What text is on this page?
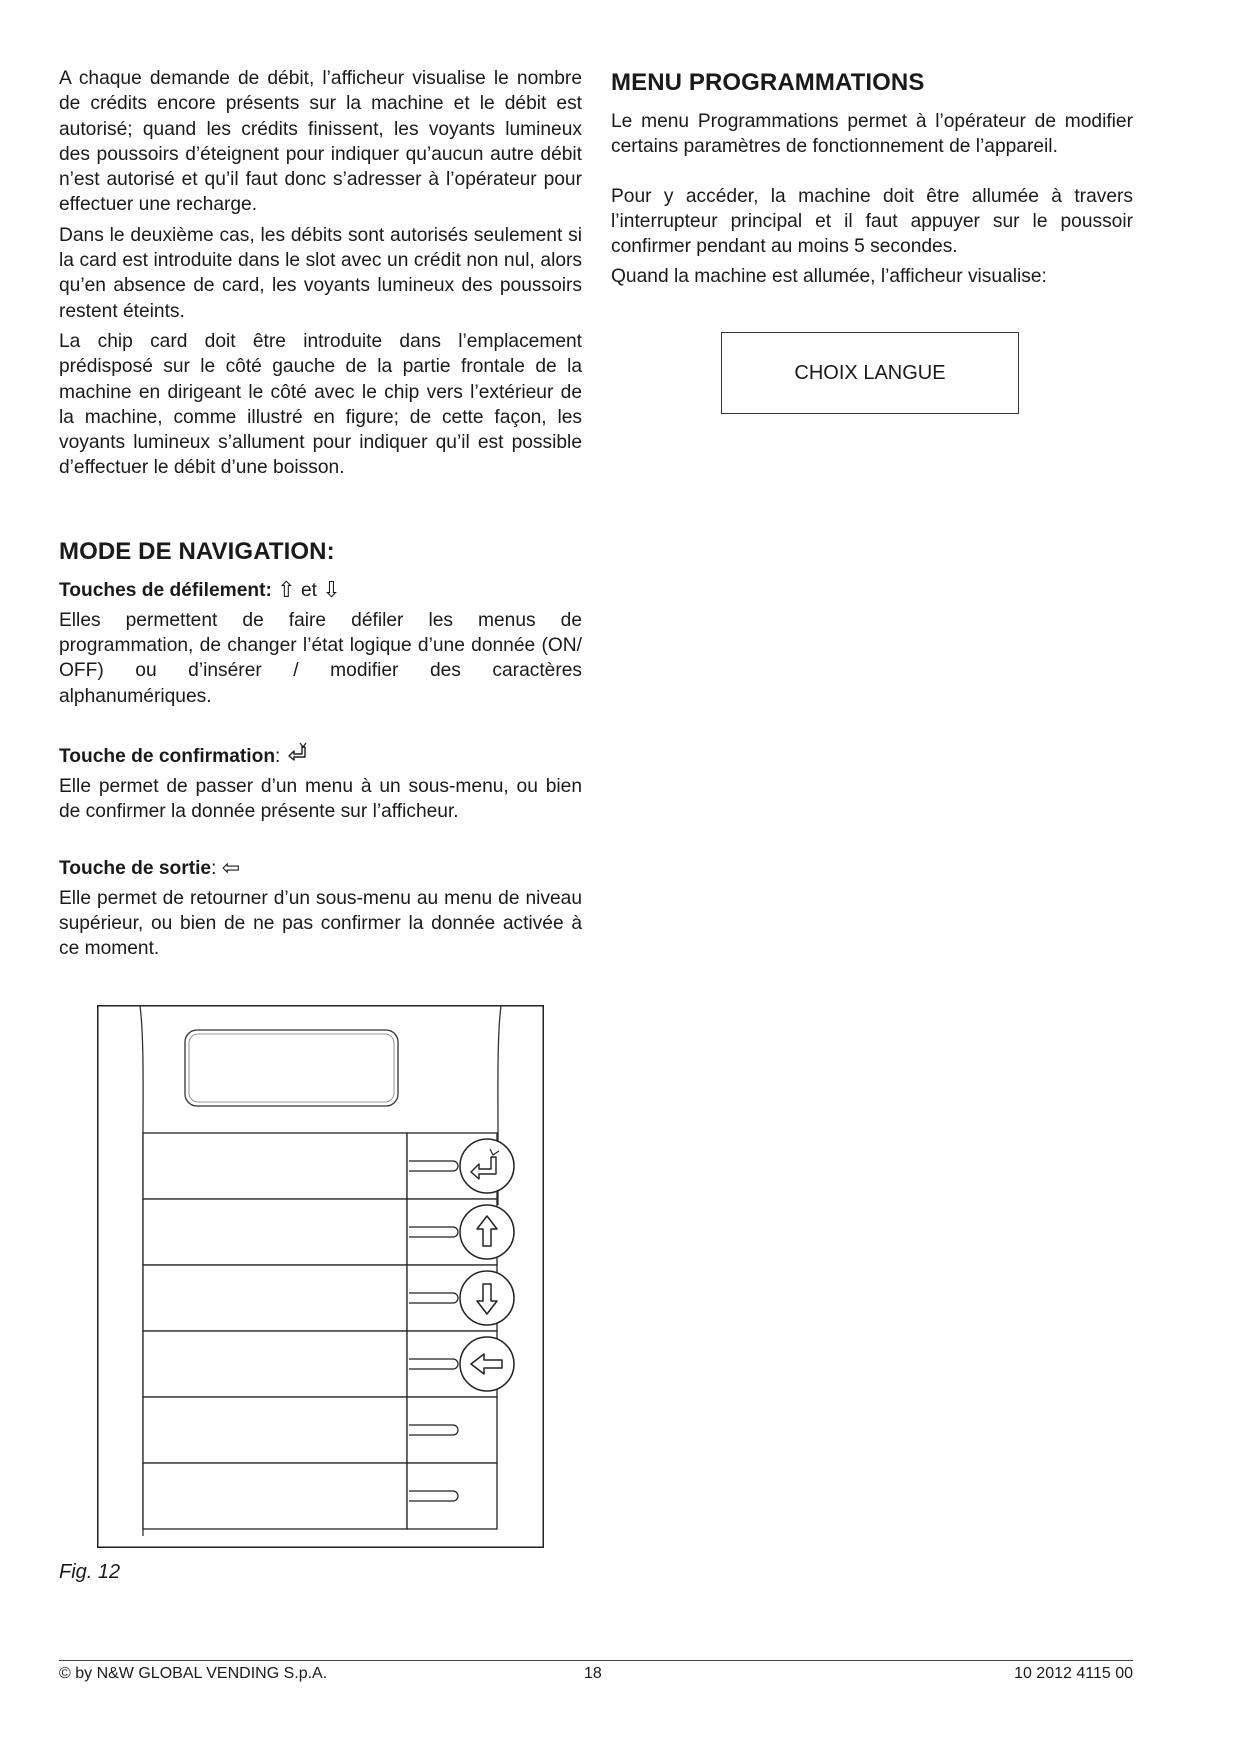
A chaque demande de débit, l’afficheur visualise le nombre de crédits encore présents sur la machine et le débit est autorisé; quand les crédits finissent, les voyants lumineux des poussoirs d’éteignent pour indiquer qu’aucun autre débit n’est autorisé et qu’il faut donc s’adresser à l’opérateur pour effectuer une recharge.

Dans le deuxième cas, les débits sont autorisés seulement si la card est introduite dans le slot avec un crédit non nul, alors qu’en absence de card, les voyants lumineux des poussoirs restent éteints.

La chip card doit être introduite dans l’emplacement prédisposé sur le côté gauche de la partie frontale de la machine en dirigeant le côté avec le chip vers l’extérieur de la machine, comme illustré en figure; de cette façon, les voyants lumineux s’allument pour indiquer qu’il est possible d’effectuer le débit d’une boisson.

MODE DE NAVIGATION:
Touches de défilement: ⇧ et ⇩

Elles permettent de faire défiler les menus de programmation, de changer l’état logique d’une donnée (ON/ OFF) ou d’insérer / modifier des caractères alphanumériques.

Touche de confirmation:

Elle permet de passer d’un menu à un sous-menu, ou bien de confirmer la donnée présente sur l’afficheur.

Touche de sortie: ⇦

Elle permet de retourner d’un sous-menu au menu de niveau supérieur, ou bien de ne pas confirmer la donnée activée à ce moment.

MENU PROGRAMMATIONS

Le menu Programmations permet à l’opérateur de modifier certains paramètres de fonctionnement de l’appareil.

Pour y accéder, la machine doit être allumée à travers l’interrupteur principal et il faut appuyer sur le poussoir confirmer pendant au moins 5 secondes.

Quand la machine est allumée, l’afficheur visualise:

CHOIX LANGUE
Fig. 12
© by N&W GLOBAL VENDING S.p.A.	18	10 2012 4115 00
